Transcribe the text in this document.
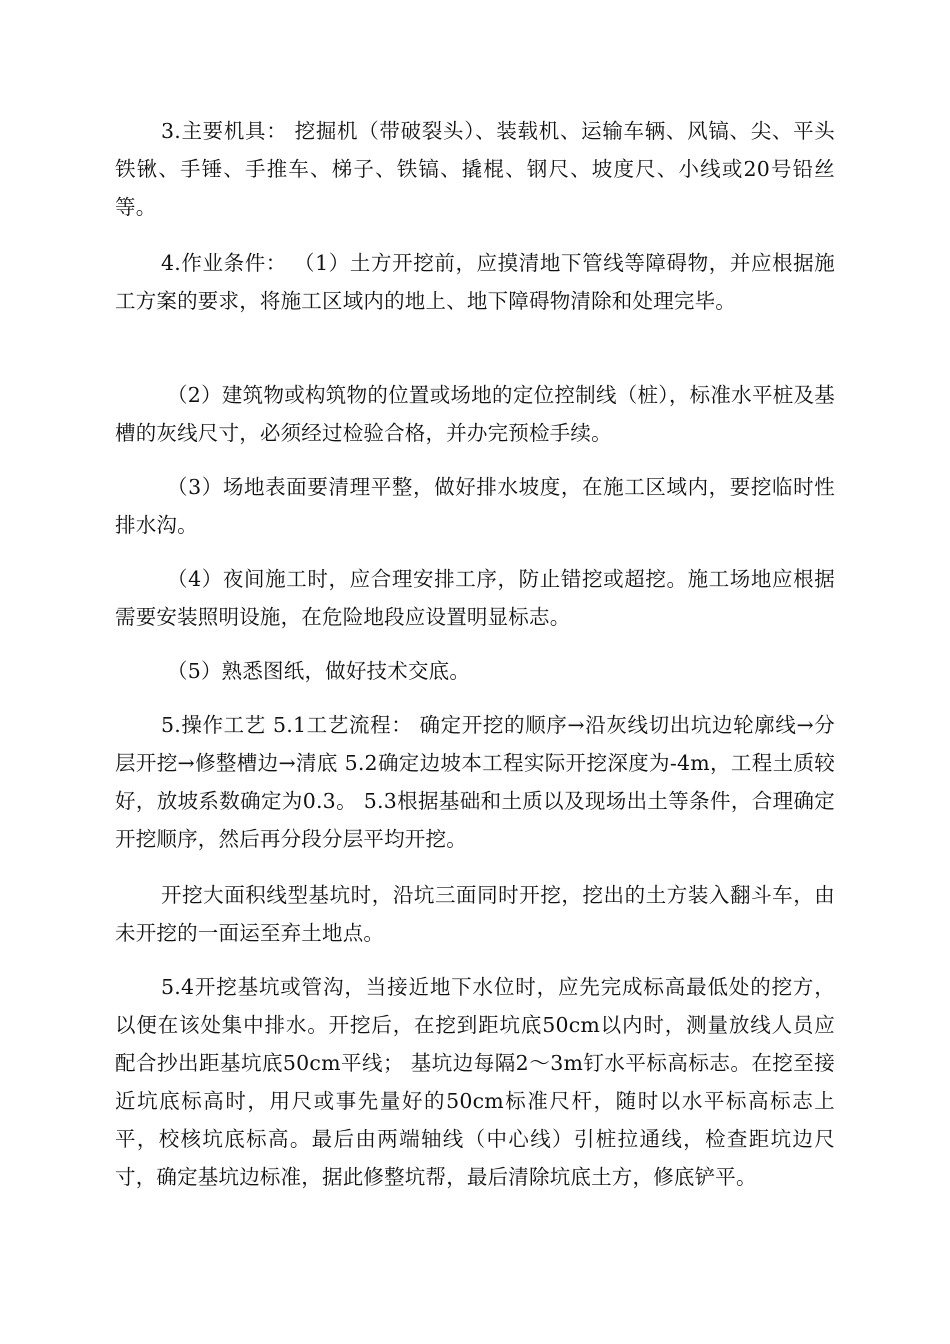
3.主要机具： 挖掘机（带破裂头）、装载机、运输车辆、风镐、尖、平头铁锹、手锤、手推车、梯子、铁镐、撬棍、钢尺、坡度尺、小线或20号铅丝等。

4.作业条件： （1）土方开挖前，应摸清地下管线等障碍物，并应根据施工方案的要求，将施工区域内的地上、地下障碍物清除和处理完毕。

（2）建筑物或构筑物的位置或场地的定位控制线（桩），标准水平桩及基槽的灰线尺寸，必须经过检验合格，并办完预检手续。

（3）场地表面要清理平整，做好排水坡度，在施工区域内，要挖临时性排水沟。

（4）夜间施工时，应合理安排工序，防止错挖或超挖。施工场地应根据需要安装照明设施，在危险地段应设置明显标志。

（5）熟悉图纸，做好技术交底。

5.操作工艺 5.1工艺流程： 确定开挖的顺序→沿灰线切出坑边轮廓线→分层开挖→修整槽边→清底 5.2确定边坡本工程实际开挖深度为-4m，工程土质较好，放坡系数确定为0.3。 5.3根据基础和土质以及现场出土等条件，合理确定开挖顺序，然后再分段分层平均开挖。

开挖大面积线型基坑时，沿坑三面同时开挖，挖出的土方装入翻斗车，由未开挖的一面运至弃土地点。

5.4开挖基坑或管沟，当接近地下水位时，应先完成标高最低处的挖方，以便在该处集中排水。开挖后，在挖到距坑底50cm以内时，测量放线人员应配合抄出距基坑底50cm平线； 基坑边每隔2～3m钉水平标高标志。在挖至接近坑底标高时，用尺或事先量好的50cm标准尺杆，随时以水平标高标志上平，校核坑底标高。最后由两端轴线（中心线）引桩拉通线，检查距坑边尺寸，确定基坑边标准，据此修整坑帮，最后清除坑底土方，修底铲平。
